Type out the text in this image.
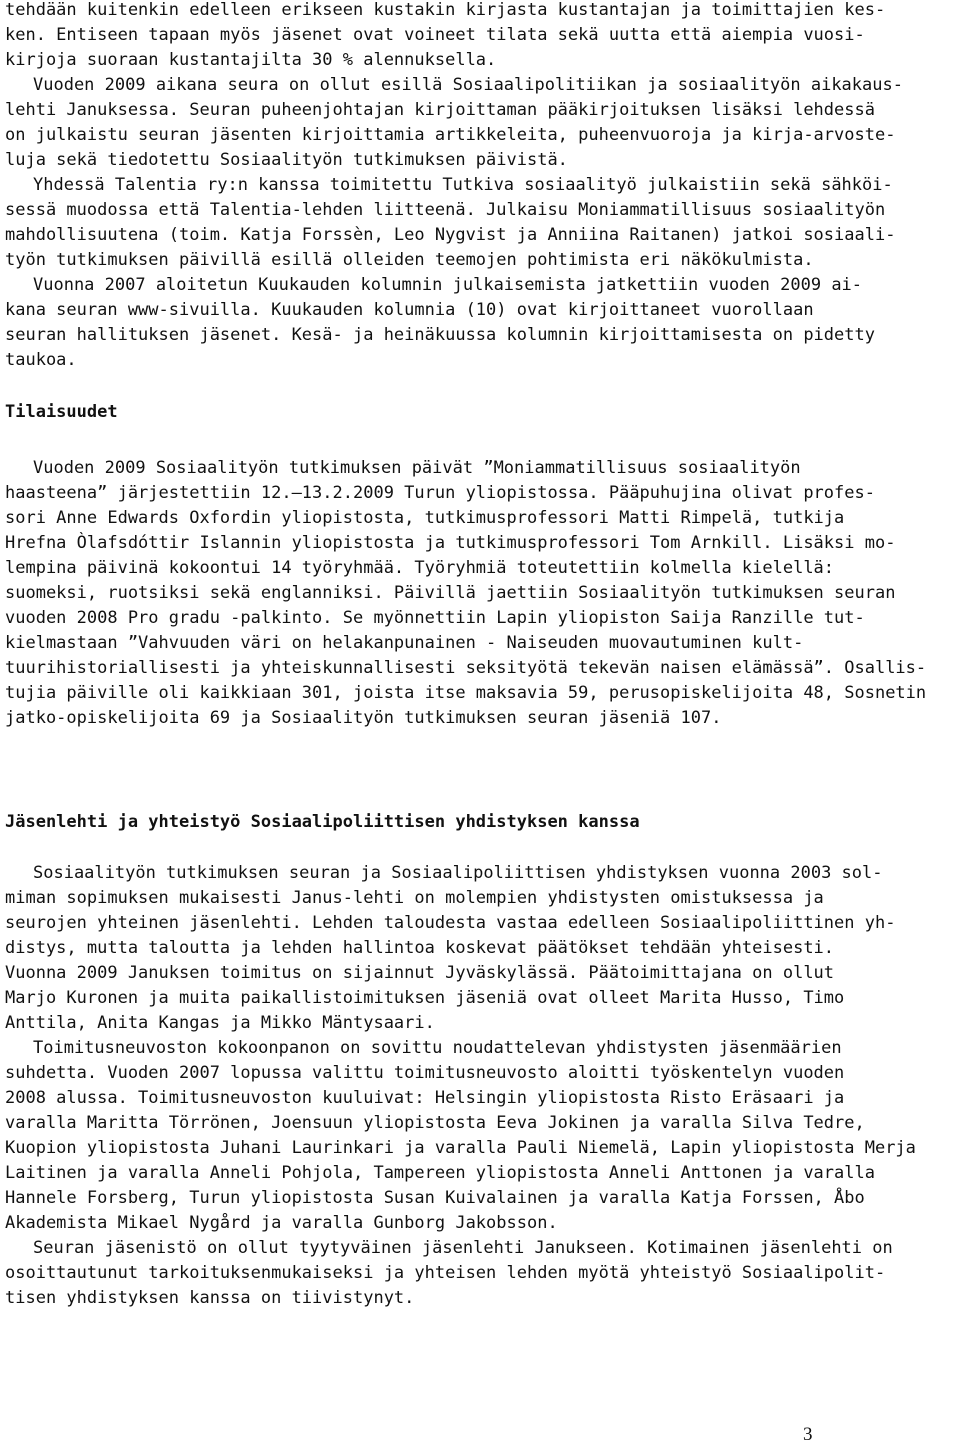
tehdään kuitenkin edelleen erikseen kustakin kirjasta kustantajan ja toimittajien kes-
ken. Entiseen tapaan myös jäsenet ovat voineet tilata sekä uutta että aiempia vuosi-
kirjoja suoraan kustantajilta 30 % alennuksella.
Vuoden 2009 aikana seura on ollut esillä Sosiaalipolitiikan ja sosiaalityön aikakaus-
lehti Januksessa. Seuran puheenjohtajan kirjoittaman pääkirjoituksen lisäksi lehdessä
on julkaistu seuran jäsenten kirjoittamia artikkeleita, puheenvuoroja ja kirja-arvoste-
luja sekä tiedotettu Sosiaalityön tutkimuksen päivistä.
Yhdessä Talentia ry:n kanssa toimitettu Tutkiva sosiaalityö julkaistiin sekä sähköi-
sessä muodossa että Talentia-lehden liitteenä. Julkaisu Moniammatillisuus sosiaalityön
mahdollisuutena (toim. Katja Forssèn, Leo Nygvist ja Anniina Raitanen) jatkoi sosiaali-
työn tutkimuksen päivillä esillä olleiden teemojen pohtimista eri näkökulmista.
Vuonna 2007 aloitetun Kuukauden kolumnin julkaisemista jatkettiin vuoden 2009 ai-
kana seuran www-sivuilla. Kuukauden kolumnia (10) ovat kirjoittaneet vuorollaan
seuran hallituksen jäsenet. Kesä- ja heinäkuussa kolumnin kirjoittamisesta on pidetty
taukoa.
Tilaisuudet
Vuoden 2009 Sosiaalityön tutkimuksen päivät ”Moniammatillisuus sosiaalityön
haasteena” järjestettiin 12.–13.2.2009 Turun yliopistossa. Pääpuhujina olivat profes-
sori Anne Edwards Oxfordin yliopistosta, tutkimusprofessori Matti Rimpelä, tutkija
Hrefna Òlafsdóttir Islannin yliopistosta ja tutkimusprofessori Tom Arnkill. Lisäksi mo-
lempina päivinä kokoontui 14 työryhmää. Työryhmiä toteutettiin kolmella kielellä:
suomeksi, ruotsiksi sekä englanniksi. Päivillä jaettiin Sosiaalityön tutkimuksen seuran
vuoden 2008 Pro gradu -palkinto. Se myönnettiin Lapin yliopiston Saija Ranzille tut-
kielmastaan ”Vahvuuden väri on helakanpunainen - Naiseuden muovautuminen kult-
tuurihistoriallisesti ja yhteiskunnallisesti seksityötä tekevän naisen elämässä”. Osallis-
tujia päiville oli kaikkiaan 301, joista itse maksavia 59, perusopiskelijoita 48, Sosnetin
jatko-opiskelijoita 69 ja Sosiaalityön tutkimuksen seuran jäseniä 107.
Jäsenlehti ja yhteistyö Sosiaalipoliittisen yhdistyksen kanssa
Sosiaalityön tutkimuksen seuran ja Sosiaalipoliittisen yhdistyksen vuonna 2003 sol-
miman sopimuksen mukaisesti Janus-lehti on molempien yhdistysten omistuksessa ja
seurojen yhteinen jäsenlehti. Lehden taloudesta vastaa edelleen Sosiaalipoliittinen yh-
distys, mutta taloutta ja lehden hallintoa koskevat päätökset tehdään yhteisesti.
Vuonna 2009 Januksen toimitus on sijainnut Jyväskylässä. Päätoimittajana on ollut
Marjo Kuronen ja muita paikallistoimituksen jäseniä ovat olleet Marita Husso, Timo
Anttila, Anita Kangas ja Mikko Mäntysaari.
Toimitusneuvoston kokoonpanon on sovittu noudattelevan yhdistysten jäsenmäärien
suhdetta. Vuoden 2007 lopussa valittu toimitusneuvosto aloitti työskentelyn vuoden
2008 alussa. Toimitusneuvoston kuuluivat: Helsingin yliopistosta Risto Eräsaari ja
varalla Maritta Törrönen, Joensuun yliopistosta Eeva Jokinen ja varalla Silva Tedre,
Kuopion yliopistosta Juhani Laurinkari ja varalla Pauli Niemelä, Lapin yliopistosta Merja
Laitinen ja varalla Anneli Pohjola, Tampereen yliopistosta Anneli Anttonen ja varalla
Hannele Forsberg, Turun yliopistosta Susan Kuivalainen ja varalla Katja Forssen, Åbo
Akademista Mikael Nygård ja varalla Gunborg Jakobsson.
Seuran jäsenistö on ollut tyytyväinen jäsenlehti Janukseen. Kotimainen jäsenlehti on
osoittautunut tarkoituksenmukaiseksi ja yhteisen lehden myötä yhteistyö Sosiaalipolit-
tisen yhdistyksen kanssa on tiivistynyt.
3
